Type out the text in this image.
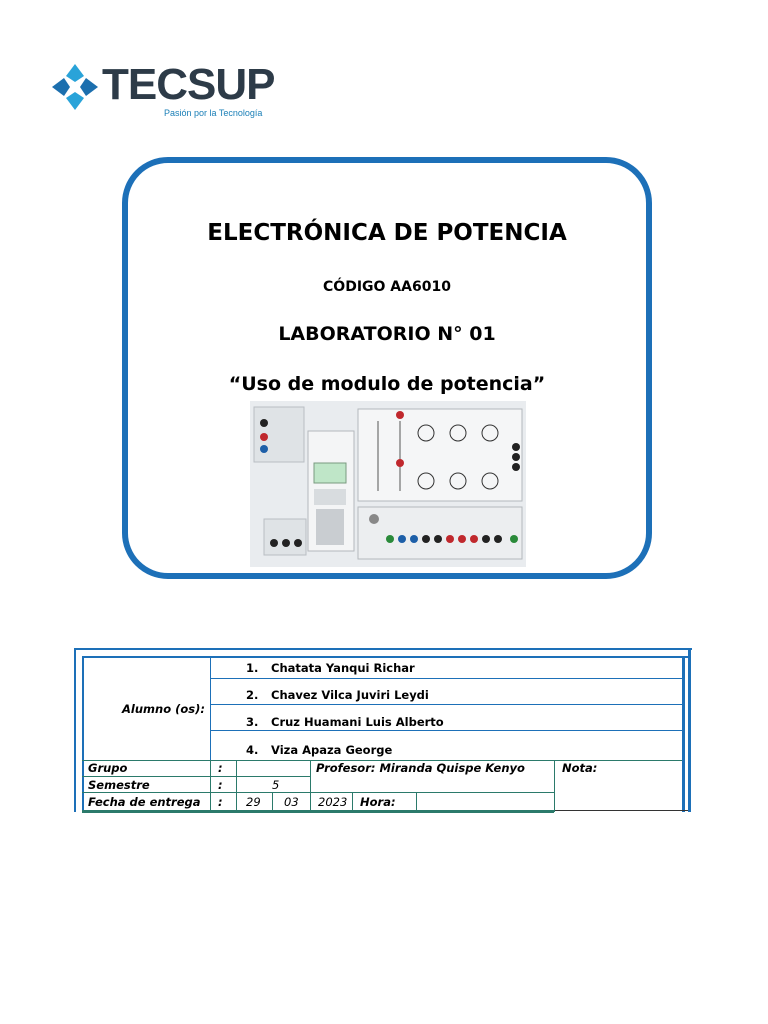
TECSUP
Pasión por la Tecnología
ELECTRÓNICA DE POTENCIA
CÓDIGO AA6010
LABORATORIO N° 01
“Uso de modulo de potencia”
Alumno (os):
1. Chatata Yanqui Richar
2. Chavez Vilca Juviri Leydi
3. Cruz Huamani Luis Alberto
4. Viza Apaza George
Grupo	:	Profesor: Miranda Quispe Kenyo	Nota:
Semestre	:	5
Fecha de entrega : 29 03 2023 Hora:
